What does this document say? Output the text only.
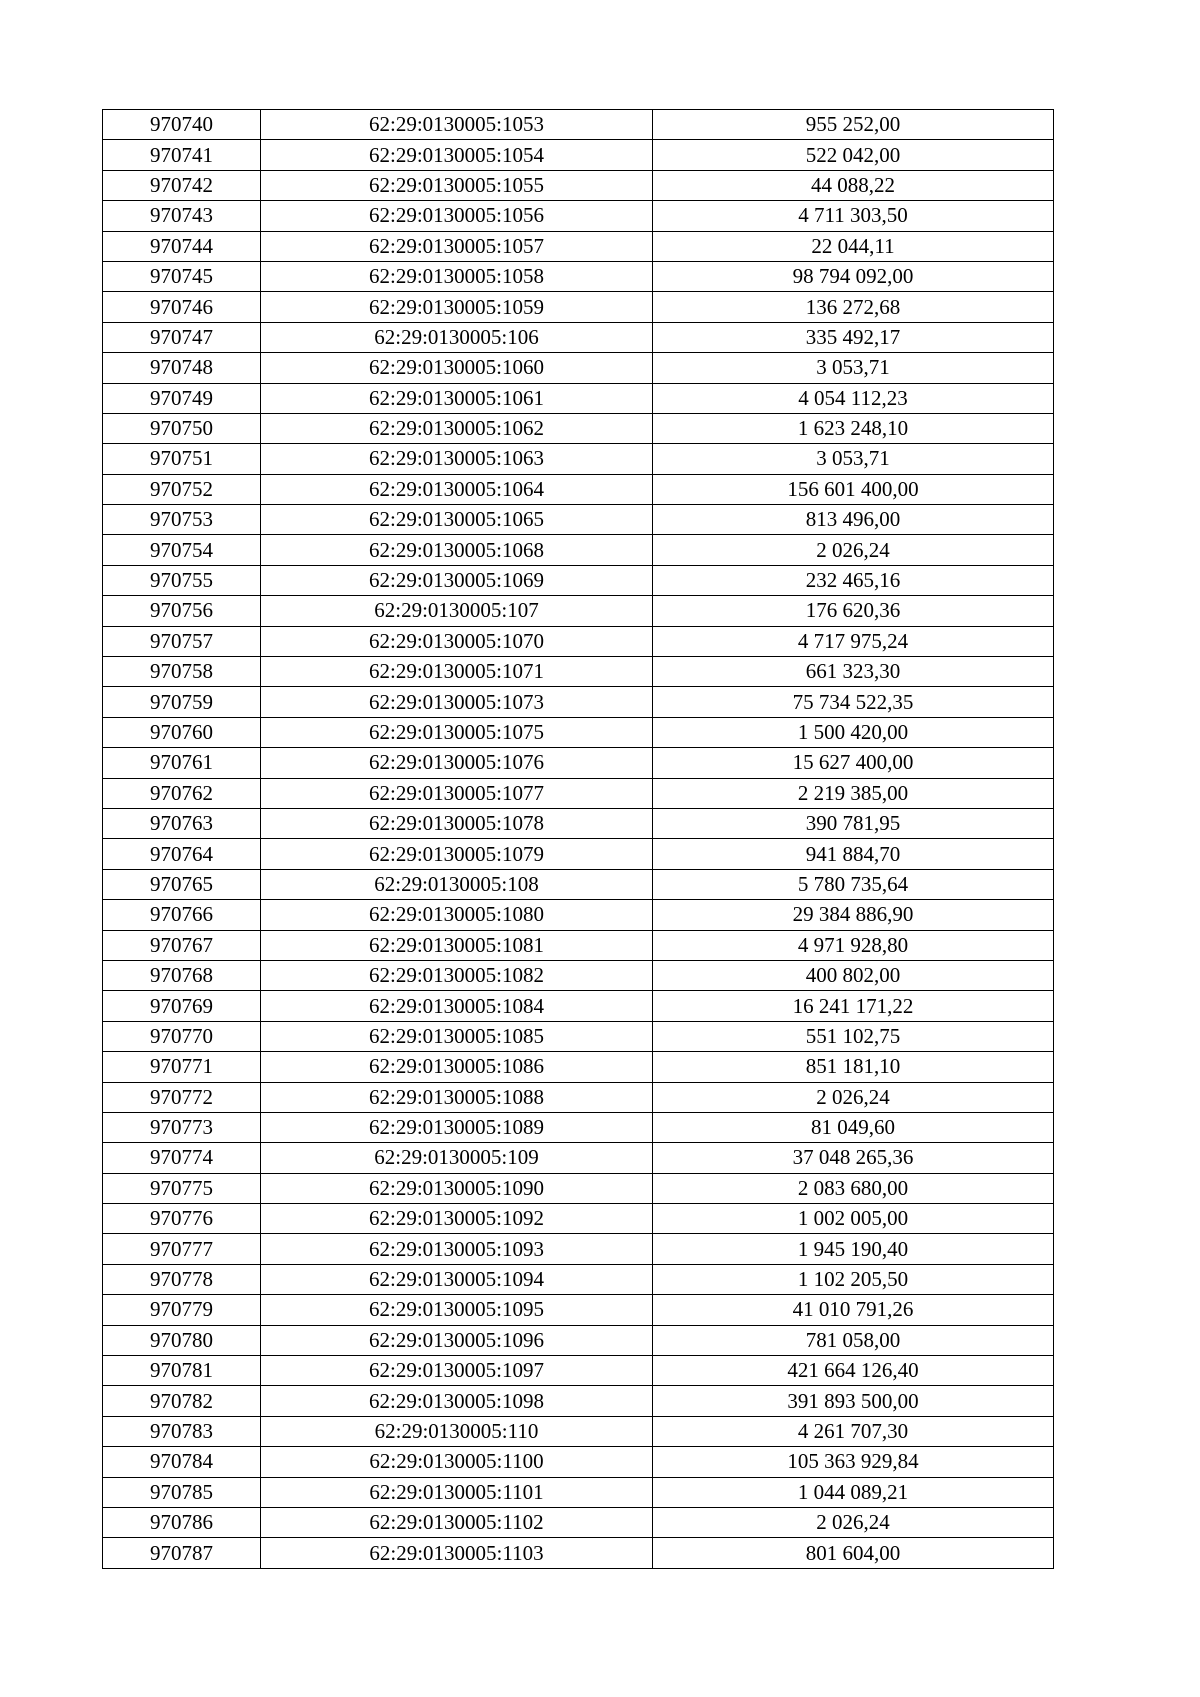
970740	62:29:0130005:1053	955 252,00
970741	62:29:0130005:1054	522 042,00
970742	62:29:0130005:1055	44 088,22
970743	62:29:0130005:1056	4 711 303,50
970744	62:29:0130005:1057	22 044,11
970745	62:29:0130005:1058	98 794 092,00
970746	62:29:0130005:1059	136 272,68
970747	62:29:0130005:106	335 492,17
970748	62:29:0130005:1060	3 053,71
970749	62:29:0130005:1061	4 054 112,23
970750	62:29:0130005:1062	1 623 248,10
970751	62:29:0130005:1063	3 053,71
970752	62:29:0130005:1064	156 601 400,00
970753	62:29:0130005:1065	813 496,00
970754	62:29:0130005:1068	2 026,24
970755	62:29:0130005:1069	232 465,16
970756	62:29:0130005:107	176 620,36
970757	62:29:0130005:1070	4 717 975,24
970758	62:29:0130005:1071	661 323,30
970759	62:29:0130005:1073	75 734 522,35
970760	62:29:0130005:1075	1 500 420,00
970761	62:29:0130005:1076	15 627 400,00
970762	62:29:0130005:1077	2 219 385,00
970763	62:29:0130005:1078	390 781,95
970764	62:29:0130005:1079	941 884,70
970765	62:29:0130005:108	5 780 735,64
970766	62:29:0130005:1080	29 384 886,90
970767	62:29:0130005:1081	4 971 928,80
970768	62:29:0130005:1082	400 802,00
970769	62:29:0130005:1084	16 241 171,22
970770	62:29:0130005:1085	551 102,75
970771	62:29:0130005:1086	851 181,10
970772	62:29:0130005:1088	2 026,24
970773	62:29:0130005:1089	81 049,60
970774	62:29:0130005:109	37 048 265,36
970775	62:29:0130005:1090	2 083 680,00
970776	62:29:0130005:1092	1 002 005,00
970777	62:29:0130005:1093	1 945 190,40
970778	62:29:0130005:1094	1 102 205,50
970779	62:29:0130005:1095	41 010 791,26
970780	62:29:0130005:1096	781 058,00
970781	62:29:0130005:1097	421 664 126,40
970782	62:29:0130005:1098	391 893 500,00
970783	62:29:0130005:110	4 261 707,30
970784	62:29:0130005:1100	105 363 929,84
970785	62:29:0130005:1101	1 044 089,21
970786	62:29:0130005:1102	2 026,24
970787	62:29:0130005:1103	801 604,00
